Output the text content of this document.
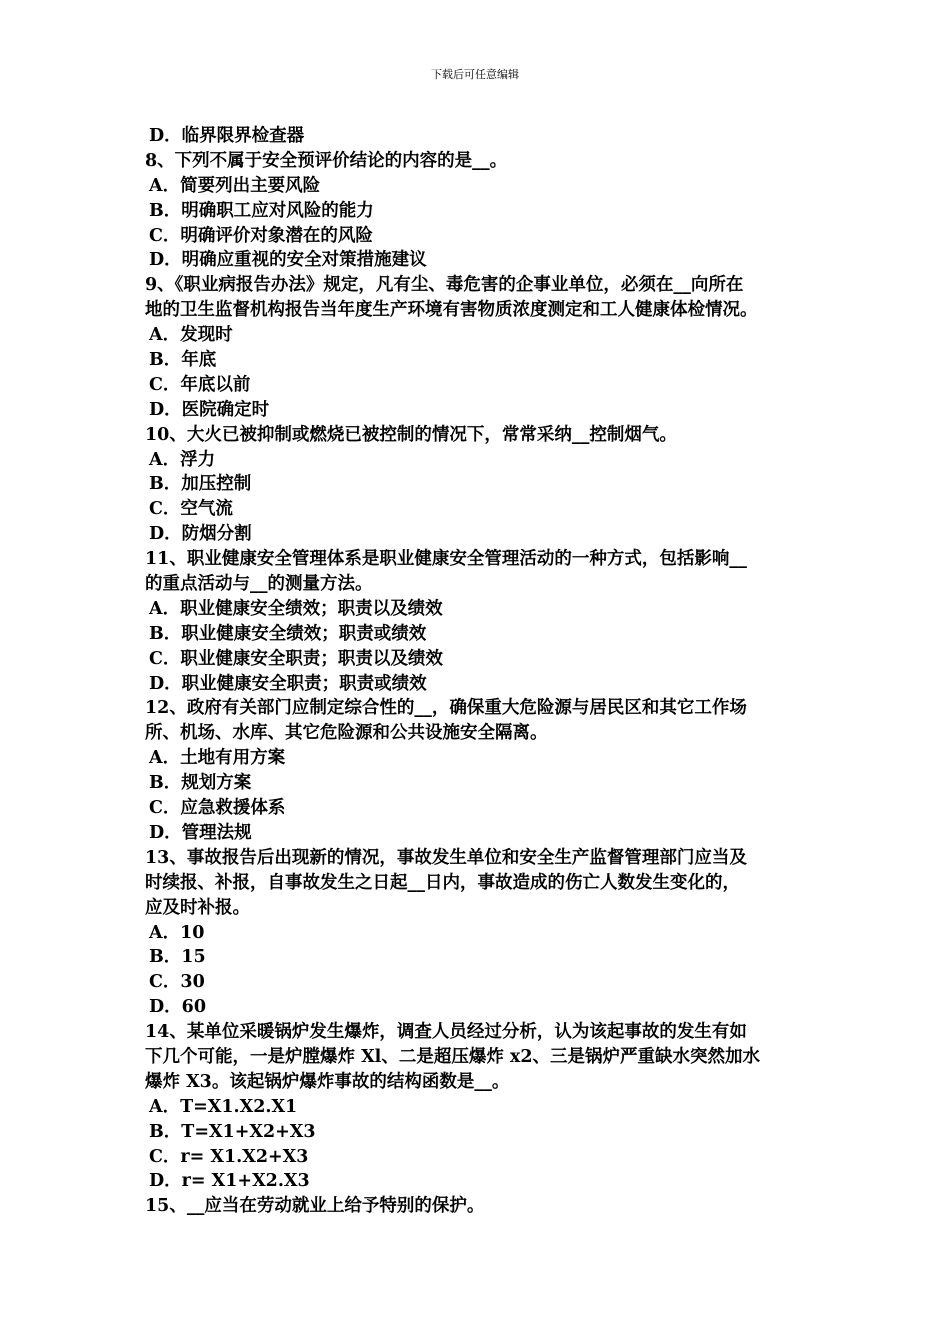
下载后可任意编辑
D．临界限界检查器
8、下列不属于安全预评价结论的内容的是__。
A．简要列出主要风险
B．明确职工应对风险的能力
C．明确评价对象潜在的风险
D．明确应重视的安全对策措施建议
9、《职业病报告办法》规定，凡有尘、毒危害的企事业单位，必须在__向所在
地的卫生监督机构报告当年度生产环境有害物质浓度测定和工人健康体检情况。
A．发现时
B．年底
C．年底以前
D．医院确定时
10、大火已被抑制或燃烧已被控制的情况下，常常采纳__控制烟气。
A．浮力
B．加压控制
C．空气流
D．防烟分割
11、职业健康安全管理体系是职业健康安全管理活动的一种方式，包括影响__
的重点活动与__的测量方法。
A．职业健康安全绩效；职责以及绩效
B．职业健康安全绩效；职责或绩效
C．职业健康安全职责；职责以及绩效
D．职业健康安全职责；职责或绩效
12、政府有关部门应制定综合性的__，确保重大危险源与居民区和其它工作场
所、机场、水库、其它危险源和公共设施安全隔离。
A．土地有用方案
B．规划方案
C．应急救援体系
D．管理法规
13、事故报告后出现新的情况，事故发生单位和安全生产监督管理部门应当及
时续报、补报，自事故发生之日起__日内，事故造成的伤亡人数发生变化的，
应及时补报。
A．10
B．15
C．30
D．60
14、某单位采暖锅炉发生爆炸，调查人员经过分析，认为该起事故的发生有如
下几个可能，一是炉膛爆炸 Xl、二是超压爆炸 x2、三是锅炉严重缺水突然加水
爆炸 X3。该起锅炉爆炸事故的结构函数是__。
A．T=X1.X2.X1
B．T=X1+X2+X3
C．r= X1.X2+X3
D．r= X1+X2.X3
15、__应当在劳动就业上给予特别的保护。
